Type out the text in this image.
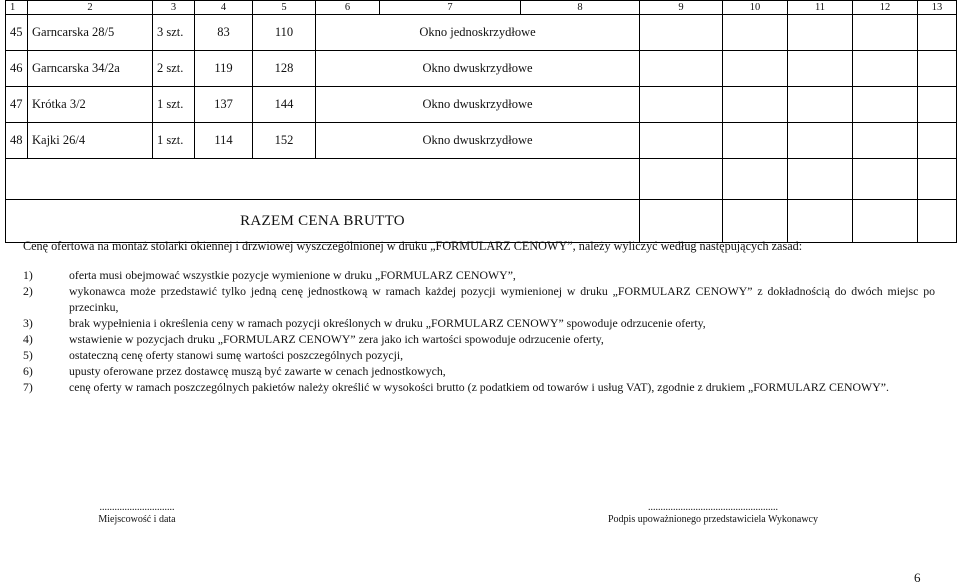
1	2	3	4	5	6	7	8	9	10	11	12	13
45	Garncarska 28/5	3 szt.	83	110	Okno jednoskrzydłowe							
46	Garncarska 34/2a	2 szt.	119	128	Okno dwuskrzydłowe							
47	Krótka 3/2	1 szt.	137	144	Okno dwuskrzydłowe							
48	Kajki 26/4	1 szt.	114	152	Okno dwuskrzydłowe							

RAZEM CENA BRUTTO												
Cenę ofertowa na montaż stolarki okiennej i drzwiowej wyszczególnionej w druku „FORMULARZ CENOWY”, należy wyliczyć według następujących zasad:
1)	oferta musi obejmować wszystkie pozycje wymienione w druku „FORMULARZ CENOWY”,
2)	wykonawca może przedstawić tylko jedną cenę jednostkową w ramach każdej pozycji wymienionej w druku „FORMULARZ CENOWY” z dokładnością do dwóch miejsc po przecinku,
3)	brak wypełnienia i określenia ceny w ramach pozycji określonych w druku „FORMULARZ CENOWY” spowoduje odrzucenie oferty,
4)	wstawienie w pozycjach druku „FORMULARZ CENOWY” zera jako ich wartości spowoduje odrzucenie oferty,
5)	ostateczną cenę oferty stanowi sumę wartości poszczególnych pozycji,
6)	upusty oferowane przez dostawcę muszą być zawarte w cenach jednostkowych,
7)	cenę oferty w ramach poszczególnych pakietów należy określić w wysokości brutto (z podatkiem od towarów i usług VAT), zgodnie z drukiem „FORMULARZ CENOWY”.
..............................
Miejscowość i data
....................................................
Podpis upoważnionego przedstawiciela Wykonawcy
6
